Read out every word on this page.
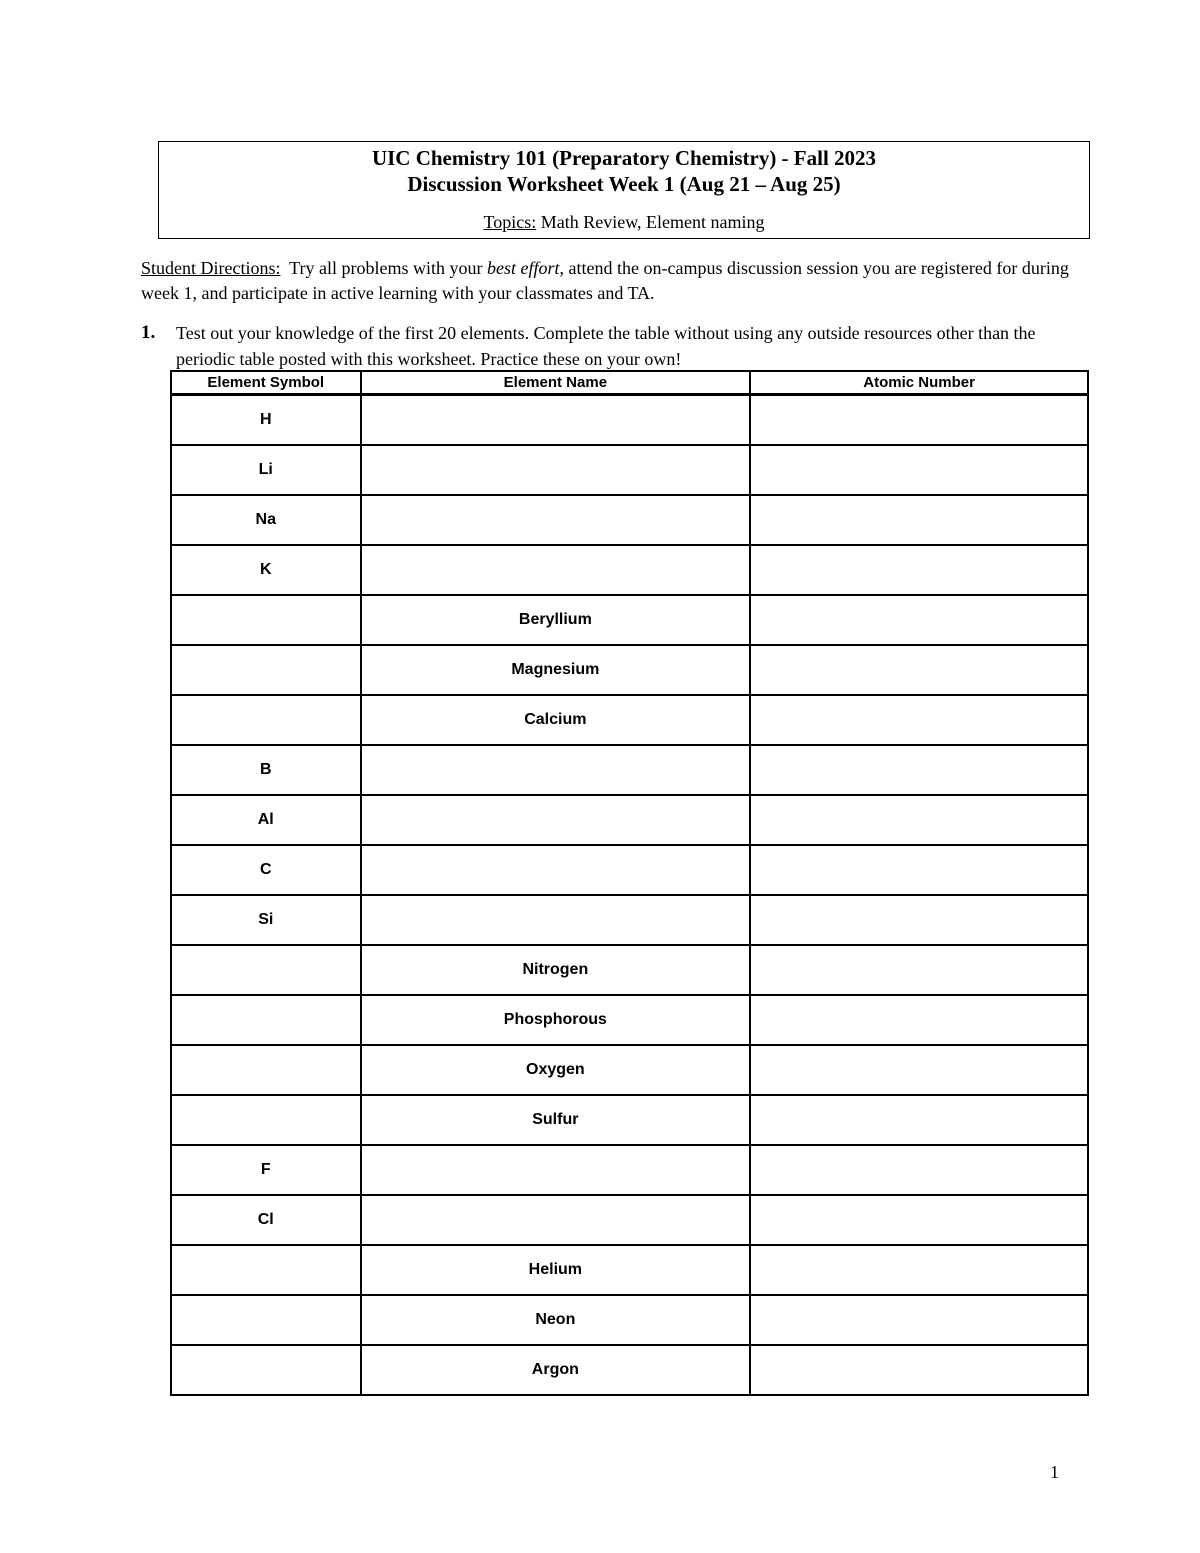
UIC Chemistry 101 (Preparatory Chemistry) - Fall 2023
Discussion Worksheet Week 1 (Aug 21 – Aug 25)
Topics: Math Review, Element naming
Student Directions:  Try all problems with your best effort, attend the on-campus discussion session you are registered for during week 1, and participate in active learning with your classmates and TA.
1. Test out your knowledge of the first 20 elements. Complete the table without using any outside resources other than the periodic table posted with this worksheet. Practice these on your own!
Element Symbol	Element Name	Atomic Number
H		
Li		
Na		
K		
	Beryllium	
	Magnesium	
	Calcium	
B		
Al		
C		
Si		
	Nitrogen	
	Phosphorous	
	Oxygen	
	Sulfur	
F		
Cl		
	Helium	
	Neon	
	Argon	
1
